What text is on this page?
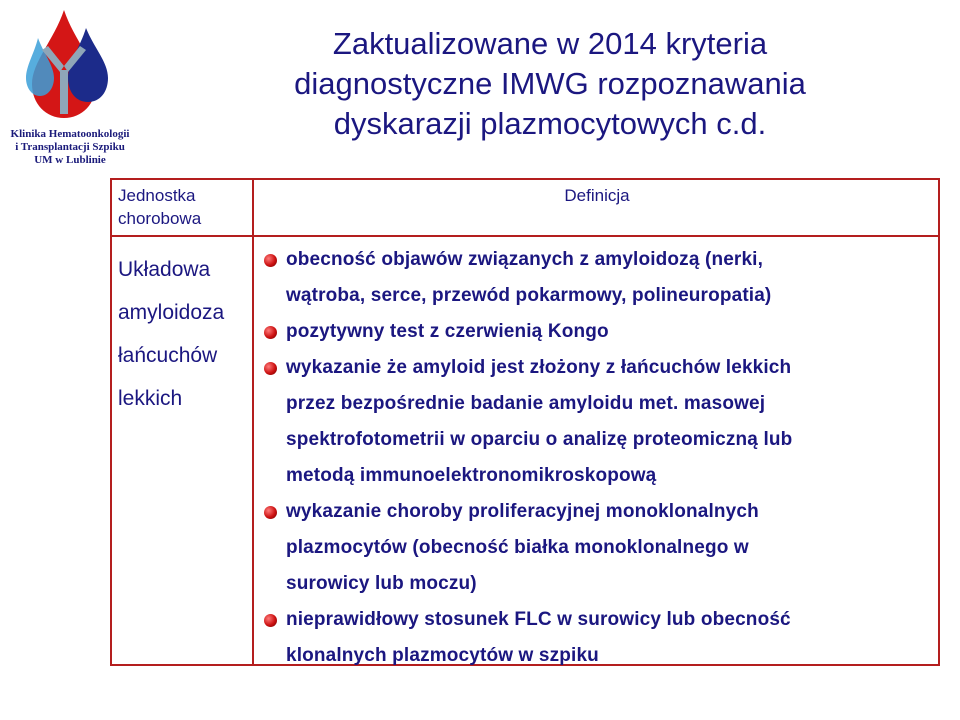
Klinika Hematoonkologii
i Transplantacji Szpiku
UM w Lublinie
Zaktualizowane w 2014 kryteria
diagnostyczne IMWG rozpoznawania
dyskarazji plazmocytowych c.d.
Jednostka
chorobowa
Definicja
Układowa
amyloidoza
łańcuchów
lekkich
obecność objawów związanych z amyloidozą (nerki,
wątroba, serce, przewód pokarmowy, polineuropatia)
pozytywny test z czerwienią Kongo
wykazanie że amyloid jest złożony z łańcuchów lekkich
przez bezpośrednie badanie amyloidu met. masowej
spektrofotometrii w oparciu o analizę proteomiczną lub
metodą immunoelektronomikroskopową
wykazanie choroby proliferacyjnej monoklonalnych
plazmocytów (obecność białka monoklonalnego w
surowicy lub moczu)
nieprawidłowy stosunek FLC w surowicy lub obecność
klonalnych plazmocytów w szpiku
